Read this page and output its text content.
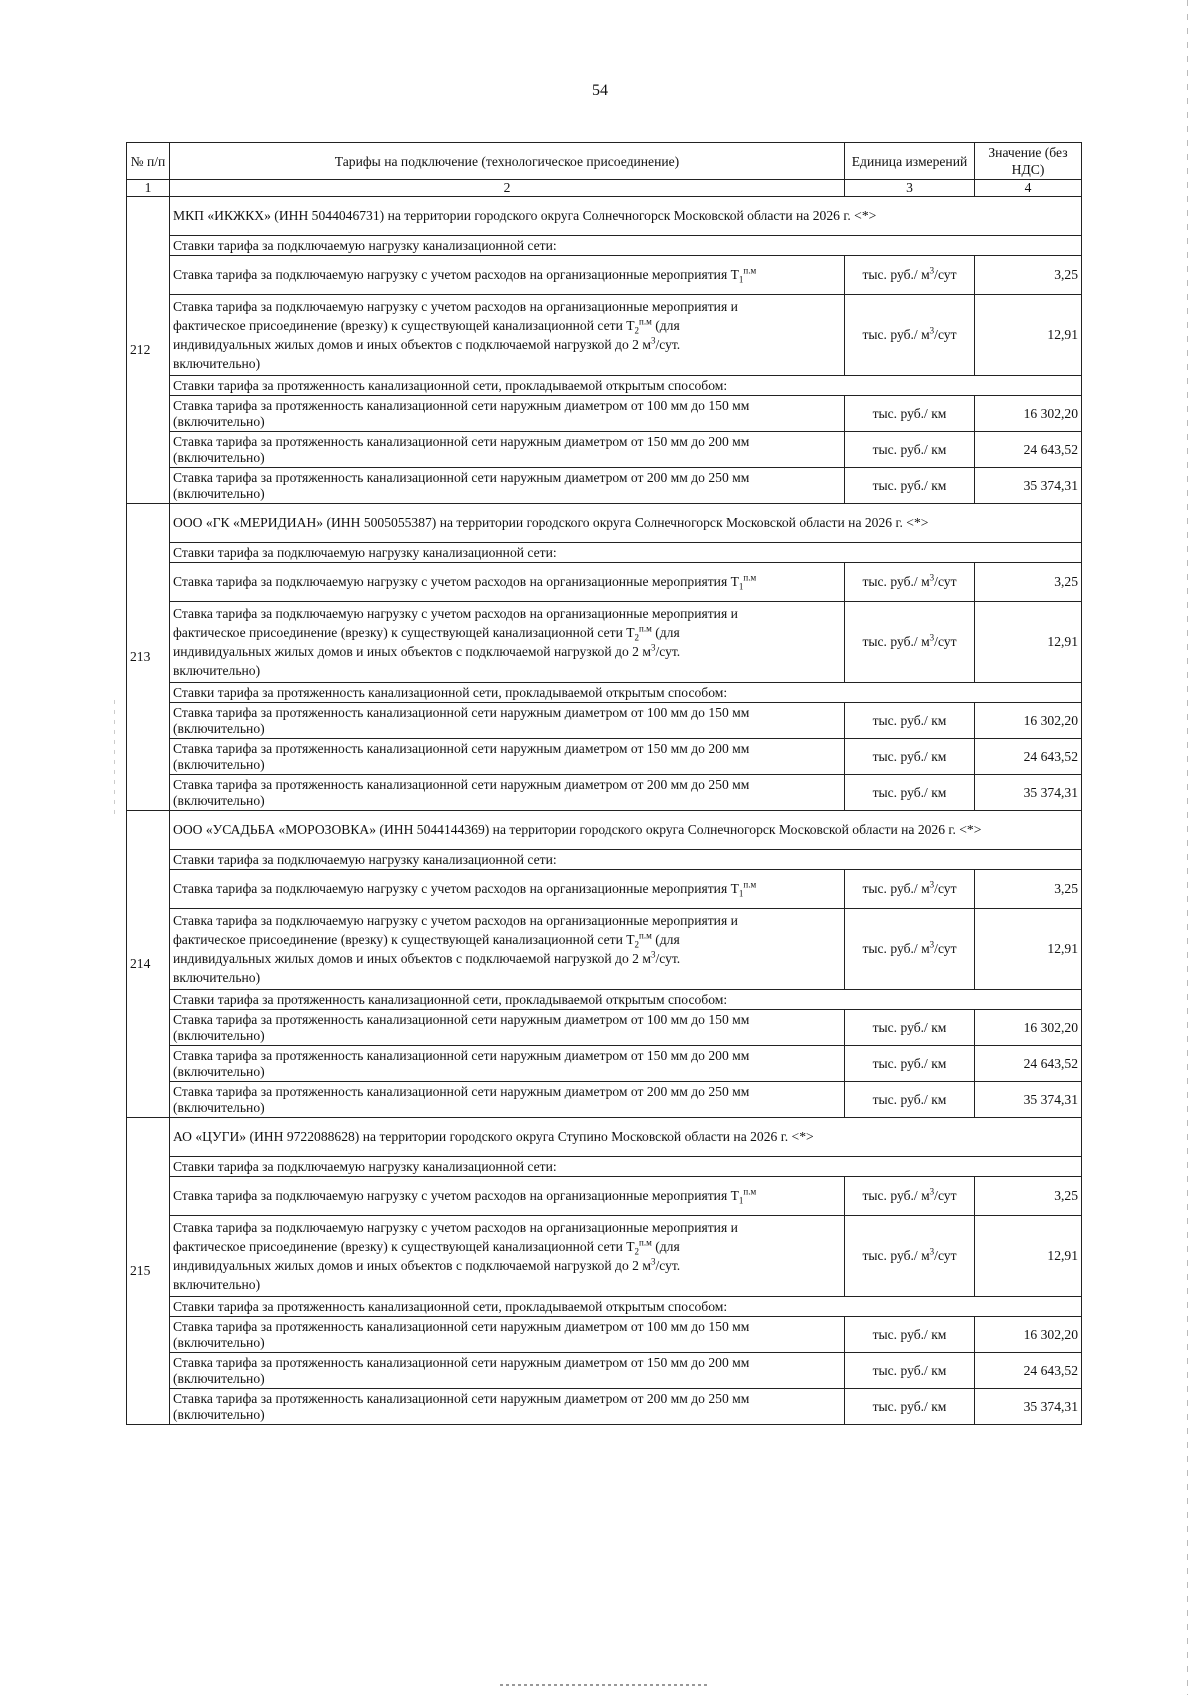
54
№ п/п	Тарифы на подключение (технологическое присоединение)	Единица измерений	Значение (без НДС)
1	2	3	4
212	МКП «ИКЖКХ» (ИНН 5044046731) на территории городского округа Солнечногорск Московской области на 2026 г. <*>		
	Ставки тарифа за подключаемую нагрузку канализационной сети:		
	Ставка тарифа за подключаемую нагрузку с учетом расходов на организационные мероприятия $T_1^{п.м}$	тыс. руб./ $м^3$/сут	3,25
	Ставка тарифа за подключаемую нагрузку с учетом расходов на организационные мероприятия и
фактическое присоединение (врезку) к существующей канализационной сети $T_2^{п.м}$ (для
индивидуальных жилых домов и иных объектов с подключаемой нагрузкой до 2 $м^3$/сут.
включительно)	тыс. руб./ $м^3$/сут	12,91
	Ставки тарифа за протяженность канализационной сети, прокладываемой открытым способом:		
	Ставка тарифа за протяженность канализационной сети наружным диаметром от 100 мм до 150 мм (включительно)	тыс. руб./ км	16 302,20
	Ставка тарифа за протяженность канализационной сети наружным диаметром от 150 мм до 200 мм (включительно)	тыс. руб./ км	24 643,52
	Ставка тарифа за протяженность канализационной сети наружным диаметром от 200 мм до 250 мм (включительно)	тыс. руб./ км	35 374,31
213	ООО «ГК «МЕРИДИАН» (ИНН 5005055387) на территории городского округа Солнечногорск Московской области на 2026 г. <*>		
	Ставки тарифа за подключаемую нагрузку канализационной сети:		
	Ставка тарифа за подключаемую нагрузку с учетом расходов на организационные мероприятия $T_1^{п.м}$	тыс. руб./ $м^3$/сут	3,25
	Ставка тарифа за подключаемую нагрузку с учетом расходов на организационные мероприятия и
фактическое присоединение (врезку) к существующей канализационной сети $T_2^{п.м}$ (для
индивидуальных жилых домов и иных объектов с подключаемой нагрузкой до 2 $м^3$/сут.
включительно)	тыс. руб./ $м^3$/сут	12,91
	Ставки тарифа за протяженность канализационной сети, прокладываемой открытым способом:		
	Ставка тарифа за протяженность канализационной сети наружным диаметром от 100 мм до 150 мм (включительно)	тыс. руб./ км	16 302,20
	Ставка тарифа за протяженность канализационной сети наружным диаметром от 150 мм до 200 мм (включительно)	тыс. руб./ км	24 643,52
	Ставка тарифа за протяженность канализационной сети наружным диаметром от 200 мм до 250 мм (включительно)	тыс. руб./ км	35 374,31
214	ООО «УСАДЬБА «МОРОЗОВКА» (ИНН 5044144369) на территории городского округа Солнечногорск Московской области на 2026 г. <*>		
	Ставки тарифа за подключаемую нагрузку канализационной сети:		
	Ставка тарифа за подключаемую нагрузку с учетом расходов на организационные мероприятия $T_1^{п.м}$	тыс. руб./ $м^3$/сут	3,25
	Ставка тарифа за подключаемую нагрузку с учетом расходов на организационные мероприятия и
фактическое присоединение (врезку) к существующей канализационной сети $T_2^{п.м}$ (для
индивидуальных жилых домов и иных объектов с подключаемой нагрузкой до 2 $м^3$/сут.
включительно)	тыс. руб./ $м^3$/сут	12,91
	Ставки тарифа за протяженность канализационной сети, прокладываемой открытым способом:		
	Ставка тарифа за протяженность канализационной сети наружным диаметром от 100 мм до 150 мм (включительно)	тыс. руб./ км	16 302,20
	Ставка тарифа за протяженность канализационной сети наружным диаметром от 150 мм до 200 мм (включительно)	тыс. руб./ км	24 643,52
	Ставка тарифа за протяженность канализационной сети наружным диаметром от 200 мм до 250 мм (включительно)	тыс. руб./ км	35 374,31
215	АО «ЦУГИ» (ИНН 9722088628) на территории городского округа Ступино Московской области на 2026 г. <*>		
	Ставки тарифа за подключаемую нагрузку канализационной сети:		
	Ставка тарифа за подключаемую нагрузку с учетом расходов на организационные мероприятия $T_1^{п.м}$	тыс. руб./ $м^3$/сут	3,25
	Ставка тарифа за подключаемую нагрузку с учетом расходов на организационные мероприятия и
фактическое присоединение (врезку) к существующей канализационной сети $T_2^{п.м}$ (для
индивидуальных жилых домов и иных объектов с подключаемой нагрузкой до 2 $м^3$/сут.
включительно)	тыс. руб./ $м^3$/сут	12,91
	Ставки тарифа за протяженность канализационной сети, прокладываемой открытым способом:		
	Ставка тарифа за протяженность канализационной сети наружным диаметром от 100 мм до 150 мм (включительно)	тыс. руб./ км	16 302,20
	Ставка тарифа за протяженность канализационной сети наружным диаметром от 150 мм до 200 мм (включительно)	тыс. руб./ км	24 643,52
	Ставка тарифа за протяженность канализационной сети наружным диаметром от 200 мм до 250 мм (включительно)	тыс. руб./ км	35 374,31
